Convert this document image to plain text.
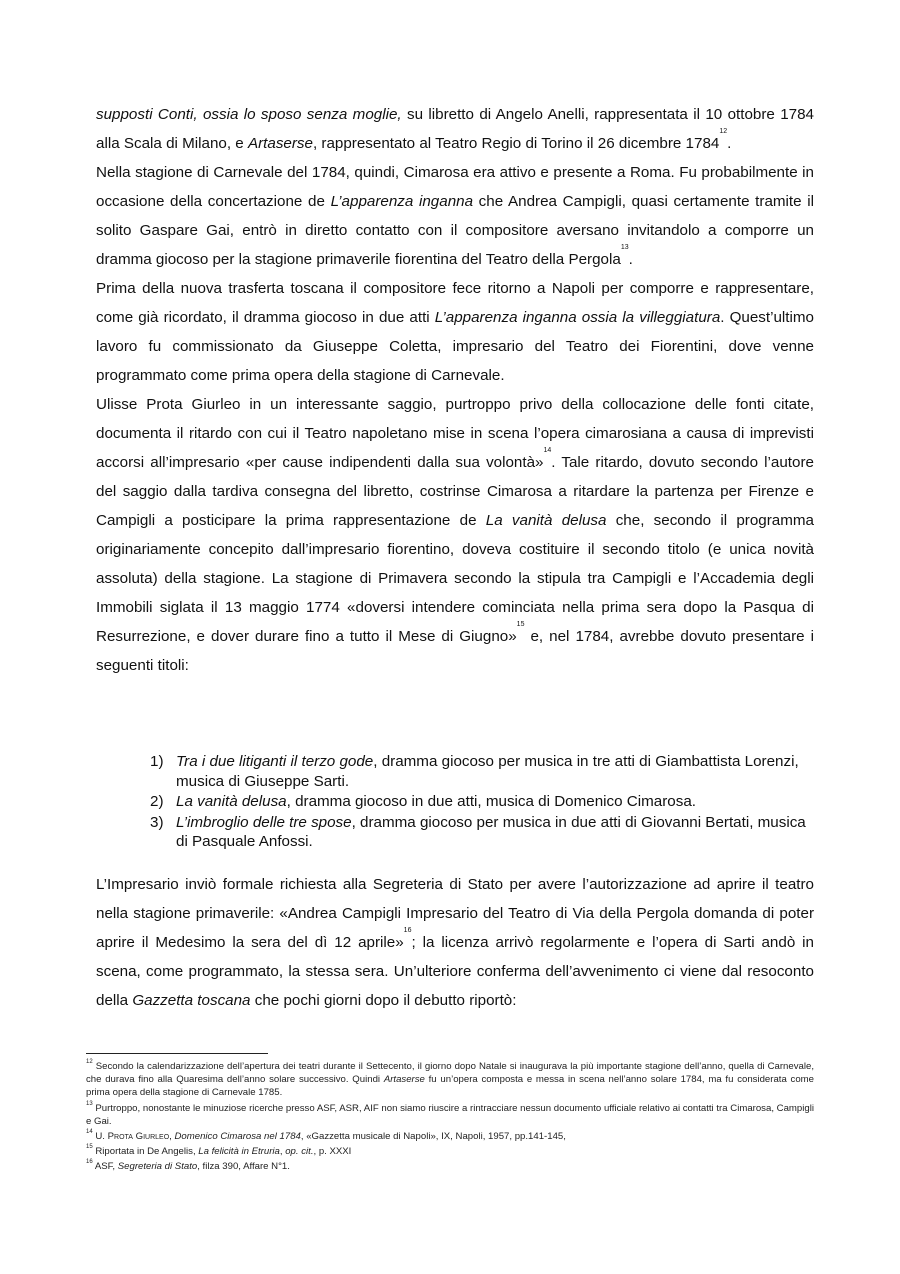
supposti Conti, ossia lo sposo senza moglie, su libretto di Angelo Anelli, rappresentata il 10 ottobre 1784 alla Scala di Milano, e Artaserse, rappresentato al Teatro Regio di Torino il 26 dicembre 1784$^{12}$.

Nella stagione di Carnevale del 1784, quindi, Cimarosa era attivo e presente a Roma. Fu probabilmente in occasione della concertazione de L’apparenza inganna che Andrea Campigli, quasi certamente tramite il solito Gaspare Gai, entrò in diretto contatto con il compositore aversano invitandolo a comporre un dramma giocoso per la stagione primaverile fiorentina del Teatro della Pergola$^{13}$.

Prima della nuova trasferta toscana il compositore fece ritorno a Napoli per comporre e rappresentare, come già ricordato, il dramma giocoso in due atti L’apparenza inganna ossia la villeggiatura. Quest’ultimo lavoro fu commissionato da Giuseppe Coletta, impresario del Teatro dei Fiorentini, dove venne programmato come prima opera della stagione di Carnevale.

Ulisse Prota Giurleo in un interessante saggio, purtroppo privo della collocazione delle fonti citate, documenta il ritardo con cui il Teatro napoletano mise in scena l’opera cimarosiana a causa di imprevisti accorsi all’impresario «per cause indipendenti dalla sua volontà»$^{14}$. Tale ritardo, dovuto secondo l’autore del saggio dalla tardiva consegna del libretto, costrinse Cimarosa a ritardare la partenza per Firenze e Campigli a posticipare la prima rappresentazione de La vanità delusa che, secondo il programma originariamente concepito dall’impresario fiorentino, doveva costituire il secondo titolo (e unica novità assoluta) della stagione. La stagione di Primavera secondo la stipula tra Campigli e l’Accademia degli Immobili siglata il 13 maggio 1774 «doversi intendere cominciata nella prima sera dopo la Pasqua di Resurrezione, e dover durare fino a tutto il Mese di Giugno»$^{15}$ e, nel 1784, avrebbe dovuto presentare i seguenti titoli:

1) Tra i due litiganti il terzo gode, dramma giocoso per musica in tre atti di Giambattista Lorenzi, musica di Giuseppe Sarti.
2) La vanità delusa, dramma giocoso in due atti, musica di Domenico Cimarosa.
3) L’imbroglio delle tre spose, dramma giocoso per musica in due atti di Giovanni Bertati, musica di Pasquale Anfossi.

L’Impresario inviò formale richiesta alla Segreteria di Stato per avere l’autorizzazione ad aprire il teatro nella stagione primaverile: «Andrea Campigli Impresario del Teatro di Via della Pergola domanda di poter aprire il Medesimo la sera del dì 12 aprile»$^{16}$; la licenza arrivò regolarmente e l’opera di Sarti andò in scena, come programmato, la stessa sera. Un’ulteriore conferma dell’avvenimento ci viene dal resoconto della Gazzetta toscana che pochi giorni dopo il debutto riportò:

$^{12}$ Secondo la calendarizzazione dell’apertura dei teatri durante il Settecento, il giorno dopo Natale si inaugurava la più importante stagione dell’anno, quella di Carnevale, che durava fino alla Quaresima dell’anno solare successivo. Quindi Artaserse fu un’opera composta e messa in scena nell’anno solare 1784, ma fu considerata come prima opera della stagione di Carnevale 1785.

$^{13}$ Purtroppo, nonostante le minuziose ricerche presso ASF, ASR, AIF non siamo riuscire a rintracciare nessun documento ufficiale relativo ai contatti tra Cimarosa, Campigli e Gai.

$^{14}$ U. Prota Giurleo, Domenico Cimarosa nel 1784, «Gazzetta musicale di Napoli», IX, Napoli, 1957, pp.141-145,

$^{15}$ Riportata in De Angelis, La felicità in Etruria, op. cit., p. XXXI

$^{16}$ ASF, Segreteria di Stato, filza 390, Affare N°1.
